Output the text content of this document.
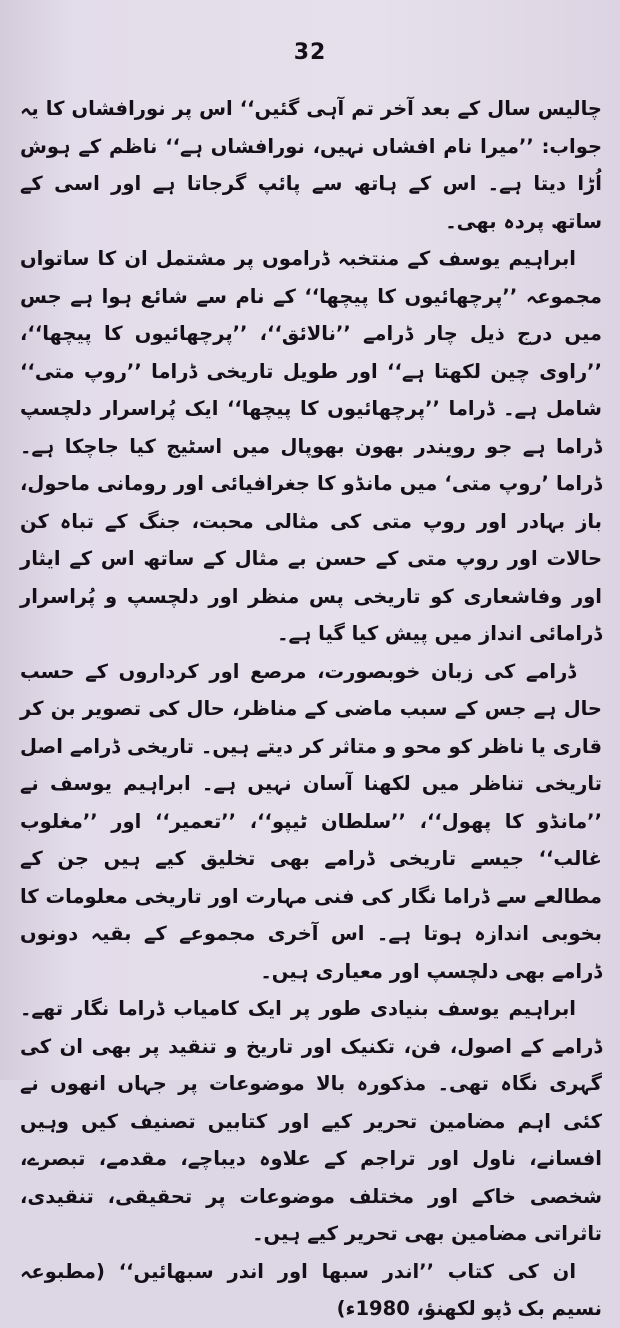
32

چالیس سال کے بعد آخر تم آہی گئیں‘‘ اس پر نورافشاں کا یہ جواب: ’’میرا نام افشاں نہیں، نورافشاں ہے‘‘ ناظم کے ہوش اُڑا دیتا ہے۔ اس کے ہاتھ سے پائپ گرجاتا ہے اور اسی کے ساتھ پردہ بھی۔

ابراہیم یوسف کے منتخبہ ڈراموں پر مشتمل ان کا ساتواں مجموعہ ’’پرچھائیوں کا پیچھا‘‘ کے نام سے شائع ہوا ہے جس میں درج ذیل چار ڈرامے ’’نالائق‘‘، ’’پرچھائیوں کا پیچھا‘‘، ’’راوی چین لکھتا ہے‘‘ اور طویل تاریخی ڈراما ’’روپ متی‘‘ شامل ہے۔ ڈراما ’’پرچھائیوں کا پیچھا‘‘ ایک پُراسرار دلچسپ ڈراما ہے جو رویندر بھون بھوپال میں اسٹیج کیا جاچکا ہے۔ ڈراما ’روپ متی‘ میں مانڈو کا جغرافیائی اور رومانی ماحول، باز بہادر اور روپ متی کی مثالی محبت، جنگ کے تباہ کن حالات اور روپ متی کے حسن بے مثال کے ساتھ اس کے ایثار اور وفاشعاری کو تاریخی پس منظر اور دلچسپ و پُراسرار ڈرامائی انداز میں پیش کیا گیا ہے۔

ڈرامے کی زبان خوبصورت، مرصع اور کرداروں کے حسب حال ہے جس کے سبب ماضی کے مناظر، حال کی تصویر بن کر قاری یا ناظر کو محو و متاثر کر دیتے ہیں۔ تاریخی ڈرامے اصل تاریخی تناظر میں لکھنا آسان نہیں ہے۔ ابراہیم یوسف نے ’’مانڈو کا پھول‘‘، ’’سلطان ٹیپو‘‘، ’’تعمیر‘‘ اور ’’مغلوب غالب‘‘ جیسے تاریخی ڈرامے بھی تخلیق کیے ہیں جن کے مطالعے سے ڈراما نگار کی فنی مہارت اور تاریخی معلومات کا بخوبی اندازہ ہوتا ہے۔ اس آخری مجموعے کے بقیہ دونوں ڈرامے بھی دلچسپ اور معیاری ہیں۔

ابراہیم یوسف بنیادی طور پر ایک کامیاب ڈراما نگار تھے۔ ڈرامے کے اصول، فن، تکنیک اور تاریخ و تنقید پر بھی ان کی گہری نگاہ تھی۔ مذکورہ بالا موضوعات پر جہاں انھوں نے کئی اہم مضامین تحریر کیے اور کتابیں تصنیف کیں وہیں افسانے، ناول اور تراجم کے علاوہ دیباچے، مقدمے، تبصرے، شخصی خاکے اور مختلف موضوعات پر تحقیقی، تنقیدی، تاثراتی مضامین بھی تحریر کیے ہیں۔

ان کی کتاب ’’اندر سبھا اور اندر سبھائیں‘‘ (مطبوعہ نسیم بک ڈپو لکھنؤ، 1980ء)
